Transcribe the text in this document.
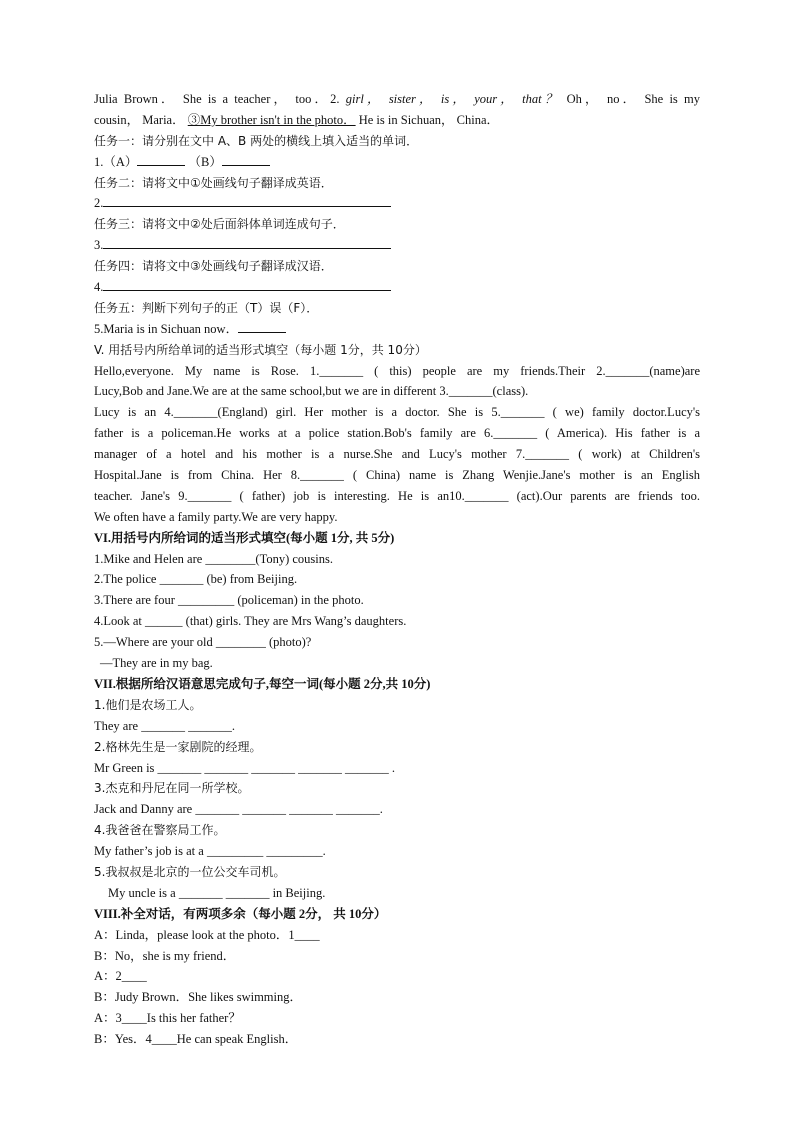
Julia Brown． She is a teacher， too．2. girl， sister， is， your， that？ Oh， no． She is my
cousin， Maria． ③My brother isn't in the photo． He is in Sichuan， China．
任务一：请分别在文中 A、B 两处的横线上填入适当的单词．
1.（A）	（B）
任务二：请将文中①处画线句子翻译成英语．
2.
任务三：请将文中②处后面斜体单词连成句子．
3.
任务四：请将文中③处画线句子翻译成汉语．
4.
任务五：判断下列句子的正（T）误（F）．
5.Maria is in Sichuan now．
V. 用括号内所给单词的适当形式填空（每小题 1分，共 10分）
Hello,everyone. My name is Rose. 1._______ ( this) people are my friends.Their 2._______(name)are
Lucy,Bob and Jane.We are at the same school,but we are in different 3._______(class).
Lucy is an 4._______(England) girl. Her mother is a doctor. She is 5._______ ( we) family doctor.Lucy's
father is a policeman.He works at a police station.Bob's family are 6._______ ( America). His father is a
manager of a hotel and his mother is a nurse.She and Lucy's mother 7._______ ( work) at Children's
Hospital.Jane is from China. Her 8._______ ( China) name is Zhang Wenjie.Jane's mother is an English
teacher. Jane's 9._______ ( father) job is interesting. He is an10._______ (act).Our parents are friends too.
We often have a family party.We are very happy.
VI.用括号内所给词的适当形式填空(每小题 1分, 共 5分)
1.Mike and Helen are ________(Tony) cousins.
2.The police _______ (be) from Beijing.
3.There are four _________ (policeman) in the photo.
4.Look at ______ (that) girls. They are Mrs Wang’s daughters.
5.—Where are your old ________ (photo)?
—They are in my bag.
VII.根据所给汉语意思完成句子,每空一词(每小题 2分,共 10分)
1.他们是农场工人。
They are _______ _______.
2.格林先生是一家剧院的经理。
Mr Green is _______ _______ _______ _______ _______ .
3.杰克和丹尼在同一所学校。
Jack and Danny are _______ _______ _______ _______.
4.我爸爸在警察局工作。
My father’s job is at a _________ _________.
5.我叔叔是北京的一位公交车司机。
My uncle is a _______ _______ in Beijing.
VIII.补全对话，有两项多余（每小题 2分， 共 10分）
A：Linda，please look at the photo．1____
B：No，she is my friend．
A：2____
B：Judy Brown．She likes swimming．
A：3____Is this her father？
B：Yes．4____He can speak English．
